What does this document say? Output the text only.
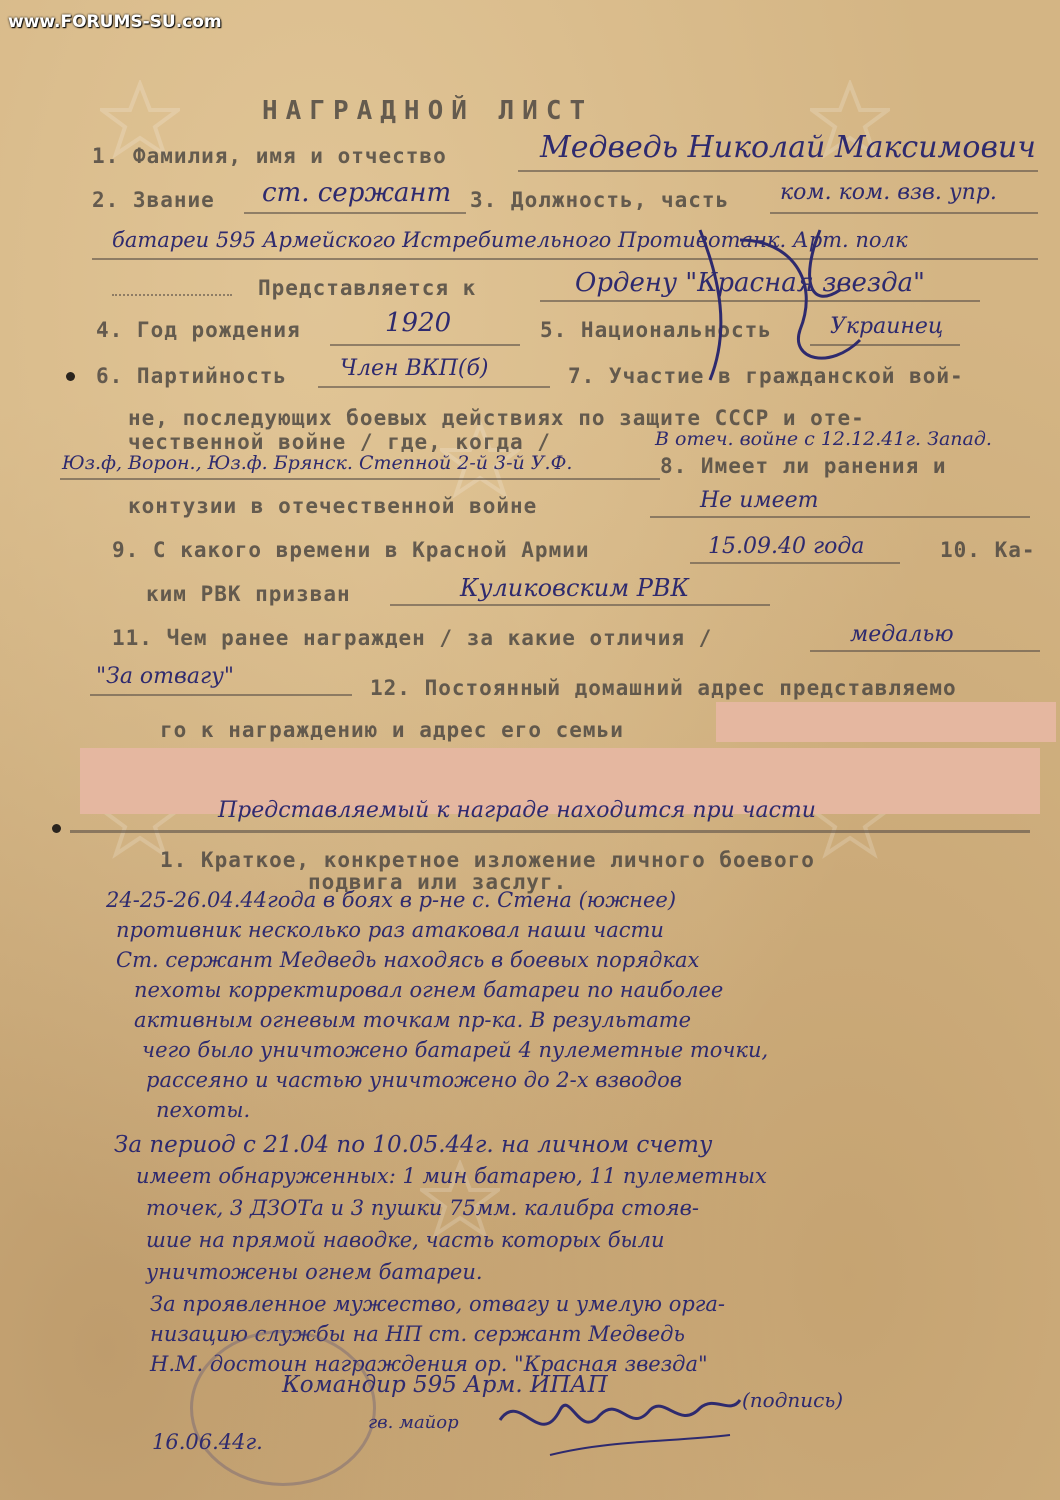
www.FORUMS-SU.com
НАГРАДНОЙ ЛИСТ
1. Фамилия, имя и отчество	Медведь Николай Максимович
2. Звание ст. сержант 3. Должность, часть ком. ком. взв. упр.
батареи 595 Армейского Истребительного Противотанк. Арт. полк
Представляется к	Ордену "Красная звезда"
4. Год рождения	1920	5. Национальность	Украинец
6. Партийность Член ВКП(б)	7. Участие в гражданской вой-
не, последующих боевых действиях по защите СССР и оте-
чественной войне / где, когда /	В отеч. войне с 12.12.41г. Запад.
Юз.ф, Ворон., Юз.ф. Брянск. Степной 2-й 3-й У.Ф.	8. Имеет ли ранения и
контузии в отечественной войне	Не имеет
9. С какого времени в Красной Армии	15.09.40 года	10. Ка-
ким РВК призван	Куликовским РВК
11. Чем ранее награжден / за какие отличия /	медалью
"За отвагу"	12. Постоянный домашний адрес представляемо
го к награждению и адрес его семьи
Представляемый к награде находится при части
1. Краткое, конкретное изложение личного боевого
подвига или заслуг.
24-25-26.04.44года в боях в р-не с. Стена (южнее)
противник несколько раз атаковал наши части
Ст. сержант Медведь находясь в боевых порядках
пехоты корректировал огнем батареи по наиболее
активным огневым точкам пр-ка. В результате
чего было уничтожено батарей 4 пулеметные точки,
рассеяно и частью уничтожено до 2-х взводов
пехоты.
За период с 21.04 по 10.05.44г. на личном счету
имеет обнаруженных: 1 мин батарею, 11 пулеметных
точек, 3 ДЗОТа и 3 пушки 75мм. калибра стояв-
шие на прямой наводке, часть которых были
уничтожены огнем батареи.
За проявленное мужество, отвагу и умелую орга-
низацию службы на НП ст. сержант Медведь
Н.М. достоин награждения ор. "Красная звезда"
Командир 595 Арм. ИПАП
гв. майор
(подпись)
16.06.44г.
